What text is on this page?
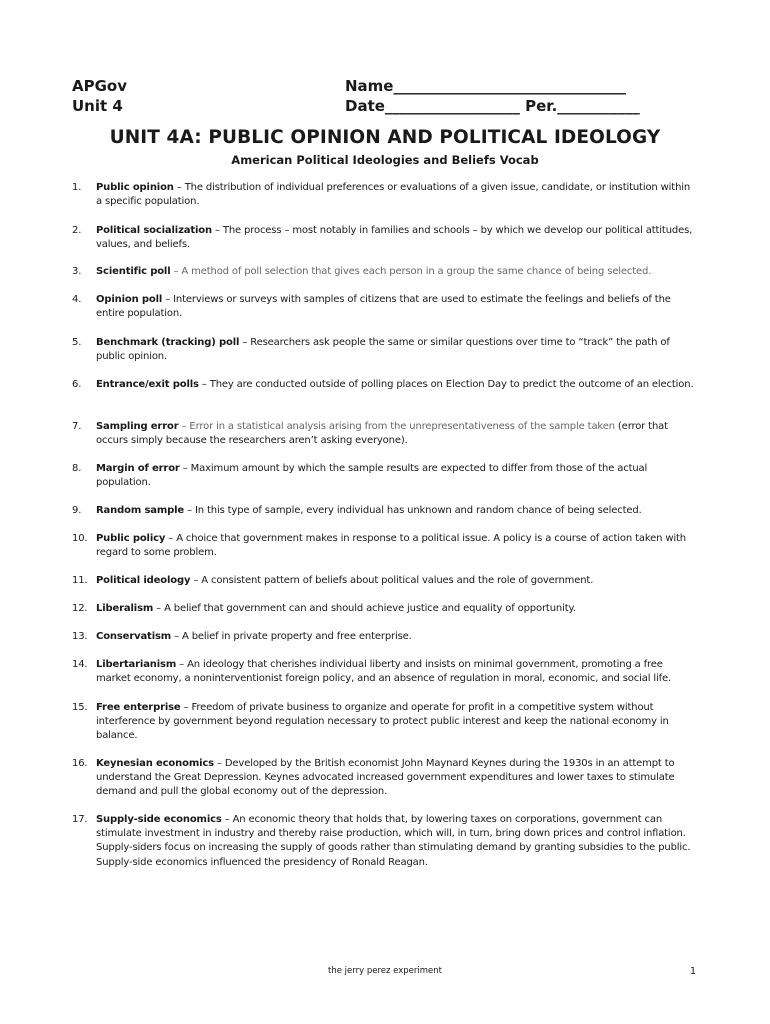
APGov
Unit 4
Name_______________________________
Date__________________ Per.___________
UNIT 4A: PUBLIC OPINION AND POLITICAL IDEOLOGY
American Political Ideologies and Beliefs Vocab
1.	Public opinion – The distribution of individual preferences or evaluations of a given issue, candidate, or institution within a specific population.
2.	Political socialization – The process – most notably in families and schools – by which we develop our political attitudes, values, and beliefs.
3.	Scientific poll – A method of poll selection that gives each person in a group the same chance of being selected.
4.	Opinion poll – Interviews or surveys with samples of citizens that are used to estimate the feelings and beliefs of the entire population.
5.	Benchmark (tracking) poll – Researchers ask people the same or similar questions over time to “track” the path of public opinion.
6.	Entrance/exit polls – They are conducted outside of polling places on Election Day to predict the outcome of an election.
7.	Sampling error – Error in a statistical analysis arising from the unrepresentativeness of the sample taken (error that occurs simply because the researchers aren’t asking everyone).
8.	Margin of error – Maximum amount by which the sample results are expected to differ from those of the actual population.
9.	Random sample – In this type of sample, every individual has unknown and random chance of being selected.
10. Public policy – A choice that government makes in response to a political issue. A policy is a course of action taken with regard to some problem.
11. Political ideology – A consistent pattern of beliefs about political values and the role of government.
12. Liberalism – A belief that government can and should achieve justice and equality of opportunity.
13. Conservatism – A belief in private property and free enterprise.
14. Libertarianism – An ideology that cherishes individual liberty and insists on minimal government, promoting a free market economy, a noninterventionist foreign policy, and an absence of regulation in moral, economic, and social life.
15. Free enterprise – Freedom of private business to organize and operate for profit in a competitive system without interference by government beyond regulation necessary to protect public interest and keep the national economy in balance.
16. Keynesian economics – Developed by the British economist John Maynard Keynes during the 1930s in an attempt to understand the Great Depression. Keynes advocated increased government expenditures and lower taxes to stimulate demand and pull the global economy out of the depression.
17. Supply-side economics – An economic theory that holds that, by lowering taxes on corporations, government can stimulate investment in industry and thereby raise production, which will, in turn, bring down prices and control inflation. Supply-siders focus on increasing the supply of goods rather than stimulating demand by granting subsidies to the public. Supply-side economics influenced the presidency of Ronald Reagan.
the jerry perez experiment	1
